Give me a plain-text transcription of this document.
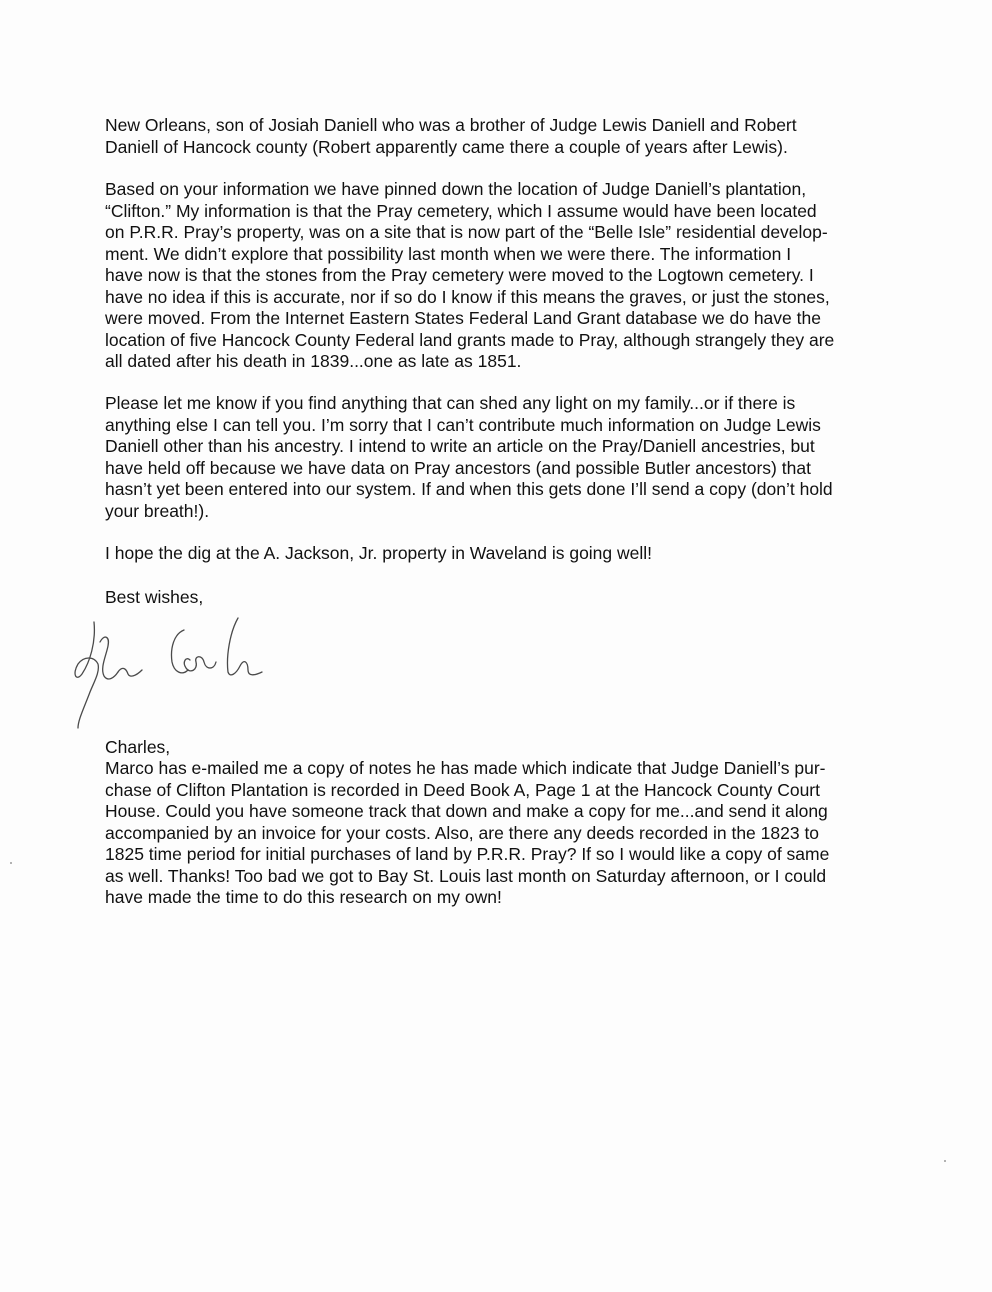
New Orleans, son of Josiah Daniell who was a brother of Judge Lewis Daniell and Robert
Daniell of Hancock county (Robert apparently came there a couple of years after Lewis).
Based on your information we have pinned down the location of Judge Daniell’s plantation,
“Clifton.” My information is that the Pray cemetery, which I assume would have been located
on P.R.R. Pray’s property, was on a site that is now part of the “Belle Isle” residential develop-
ment. We didn’t explore that possibility last month when we were there. The information I
have now is that the stones from the Pray cemetery were moved to the Logtown cemetery. I
have no idea if this is accurate, nor if so do I know if this means the graves, or just the stones,
were moved. From the Internet Eastern States Federal Land Grant database we do have the
location of five Hancock County Federal land grants made to Pray, although strangely they are
all dated after his death in 1839...one as late as 1851.
Please let me know if you find anything that can shed any light on my family...or if there is
anything else I can tell you. I’m sorry that I can’t contribute much information on Judge Lewis
Daniell other than his ancestry. I intend to write an article on the Pray/Daniell ancestries, but
have held off because we have data on Pray ancestors (and possible Butler ancestors) that
hasn’t yet been entered into our system. If and when this gets done I’ll send a copy (don’t hold
your breath!).
I hope the dig at the A. Jackson, Jr. property in Waveland is going well!
Best wishes,
Charles,
Marco has e-mailed me a copy of notes he has made which indicate that Judge Daniell’s pur-
chase of Clifton Plantation is recorded in Deed Book A, Page 1 at the Hancock County Court
House. Could you have someone track that down and make a copy for me...and send it along
accompanied by an invoice for your costs. Also, are there any deeds recorded in the 1823 to
1825 time period for initial purchases of land by P.R.R. Pray? If so I would like a copy of same
as well. Thanks! Too bad we got to Bay St. Louis last month on Saturday afternoon, or I could
have made the time to do this research on my own!
